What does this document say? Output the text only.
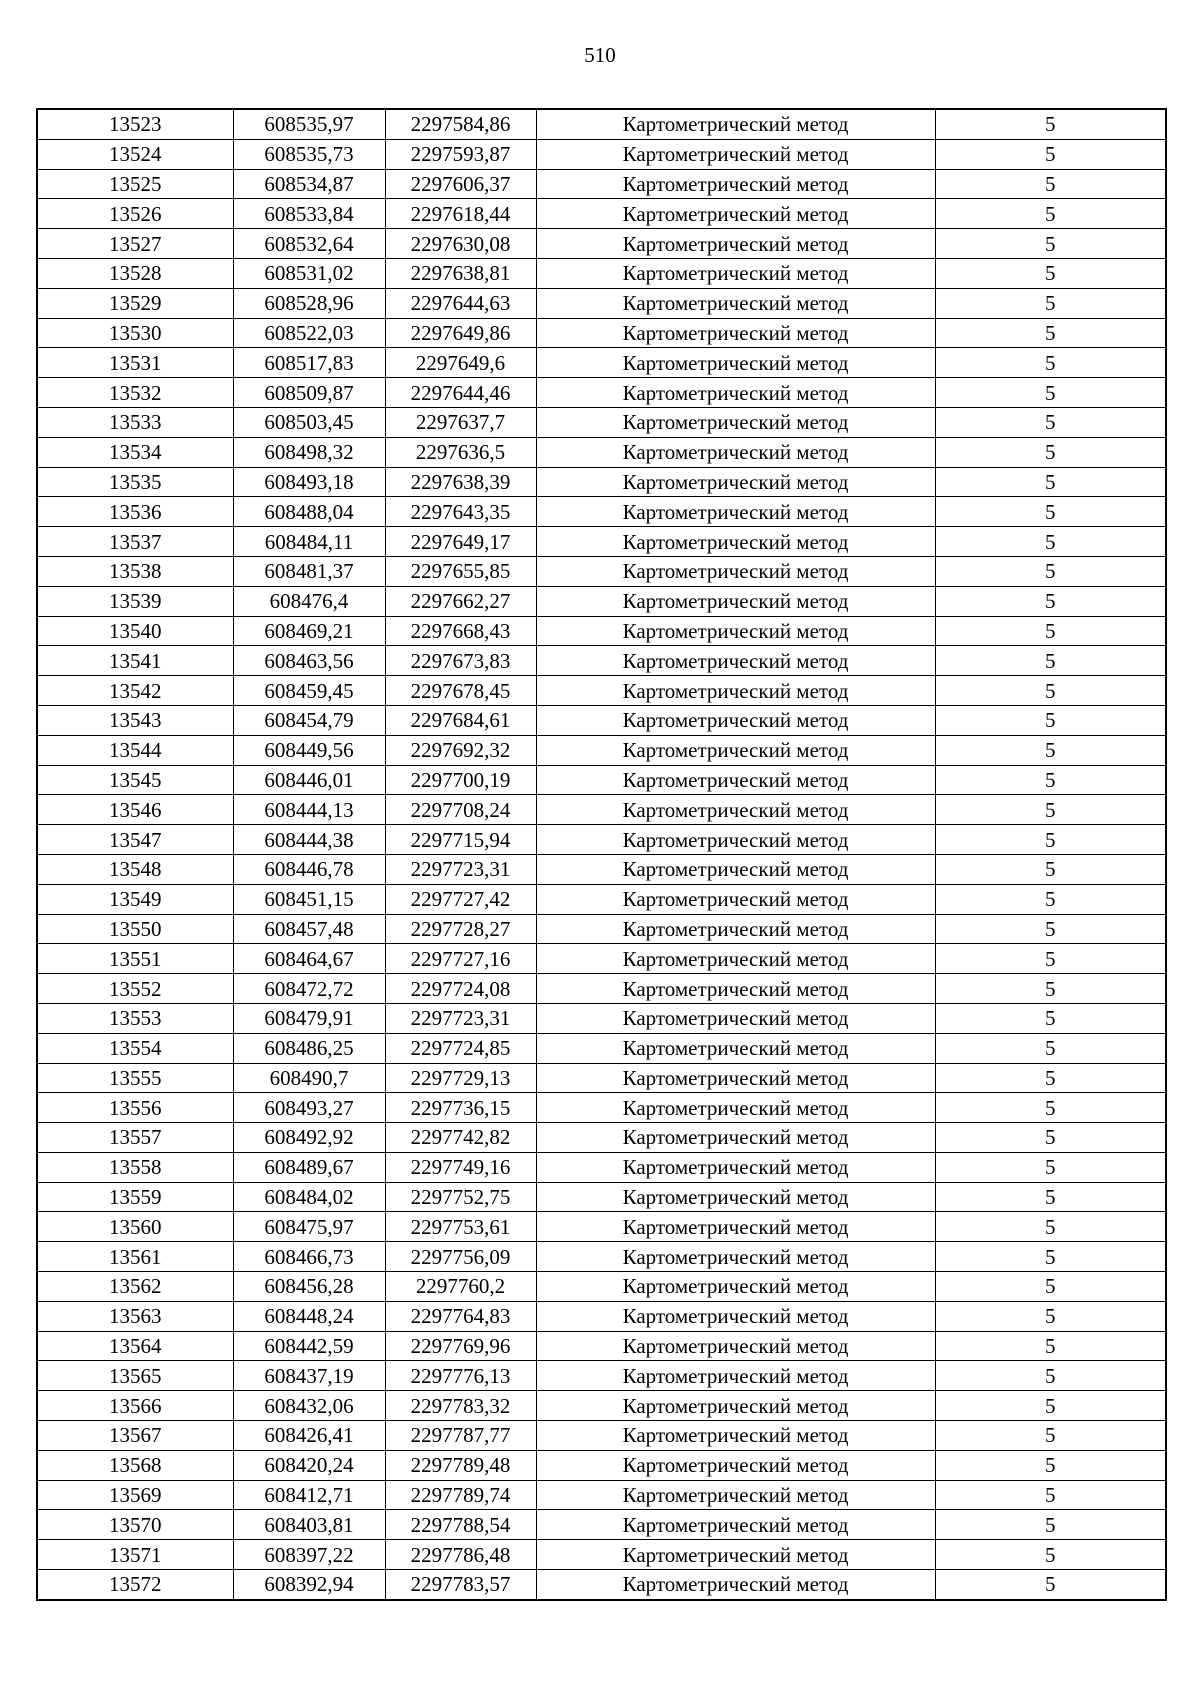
510
13523	608535,97	2297584,86	Картометрический метод	5
13524	608535,73	2297593,87	Картометрический метод	5
13525	608534,87	2297606,37	Картометрический метод	5
13526	608533,84	2297618,44	Картометрический метод	5
13527	608532,64	2297630,08	Картометрический метод	5
13528	608531,02	2297638,81	Картометрический метод	5
13529	608528,96	2297644,63	Картометрический метод	5
13530	608522,03	2297649,86	Картометрический метод	5
13531	608517,83	2297649,6	Картометрический метод	5
13532	608509,87	2297644,46	Картометрический метод	5
13533	608503,45	2297637,7	Картометрический метод	5
13534	608498,32	2297636,5	Картометрический метод	5
13535	608493,18	2297638,39	Картометрический метод	5
13536	608488,04	2297643,35	Картометрический метод	5
13537	608484,11	2297649,17	Картометрический метод	5
13538	608481,37	2297655,85	Картометрический метод	5
13539	608476,4	2297662,27	Картометрический метод	5
13540	608469,21	2297668,43	Картометрический метод	5
13541	608463,56	2297673,83	Картометрический метод	5
13542	608459,45	2297678,45	Картометрический метод	5
13543	608454,79	2297684,61	Картометрический метод	5
13544	608449,56	2297692,32	Картометрический метод	5
13545	608446,01	2297700,19	Картометрический метод	5
13546	608444,13	2297708,24	Картометрический метод	5
13547	608444,38	2297715,94	Картометрический метод	5
13548	608446,78	2297723,31	Картометрический метод	5
13549	608451,15	2297727,42	Картометрический метод	5
13550	608457,48	2297728,27	Картометрический метод	5
13551	608464,67	2297727,16	Картометрический метод	5
13552	608472,72	2297724,08	Картометрический метод	5
13553	608479,91	2297723,31	Картометрический метод	5
13554	608486,25	2297724,85	Картометрический метод	5
13555	608490,7	2297729,13	Картометрический метод	5
13556	608493,27	2297736,15	Картометрический метод	5
13557	608492,92	2297742,82	Картометрический метод	5
13558	608489,67	2297749,16	Картометрический метод	5
13559	608484,02	2297752,75	Картометрический метод	5
13560	608475,97	2297753,61	Картометрический метод	5
13561	608466,73	2297756,09	Картометрический метод	5
13562	608456,28	2297760,2	Картометрический метод	5
13563	608448,24	2297764,83	Картометрический метод	5
13564	608442,59	2297769,96	Картометрический метод	5
13565	608437,19	2297776,13	Картометрический метод	5
13566	608432,06	2297783,32	Картометрический метод	5
13567	608426,41	2297787,77	Картометрический метод	5
13568	608420,24	2297789,48	Картометрический метод	5
13569	608412,71	2297789,74	Картометрический метод	5
13570	608403,81	2297788,54	Картометрический метод	5
13571	608397,22	2297786,48	Картометрический метод	5
13572	608392,94	2297783,57	Картометрический метод	5
